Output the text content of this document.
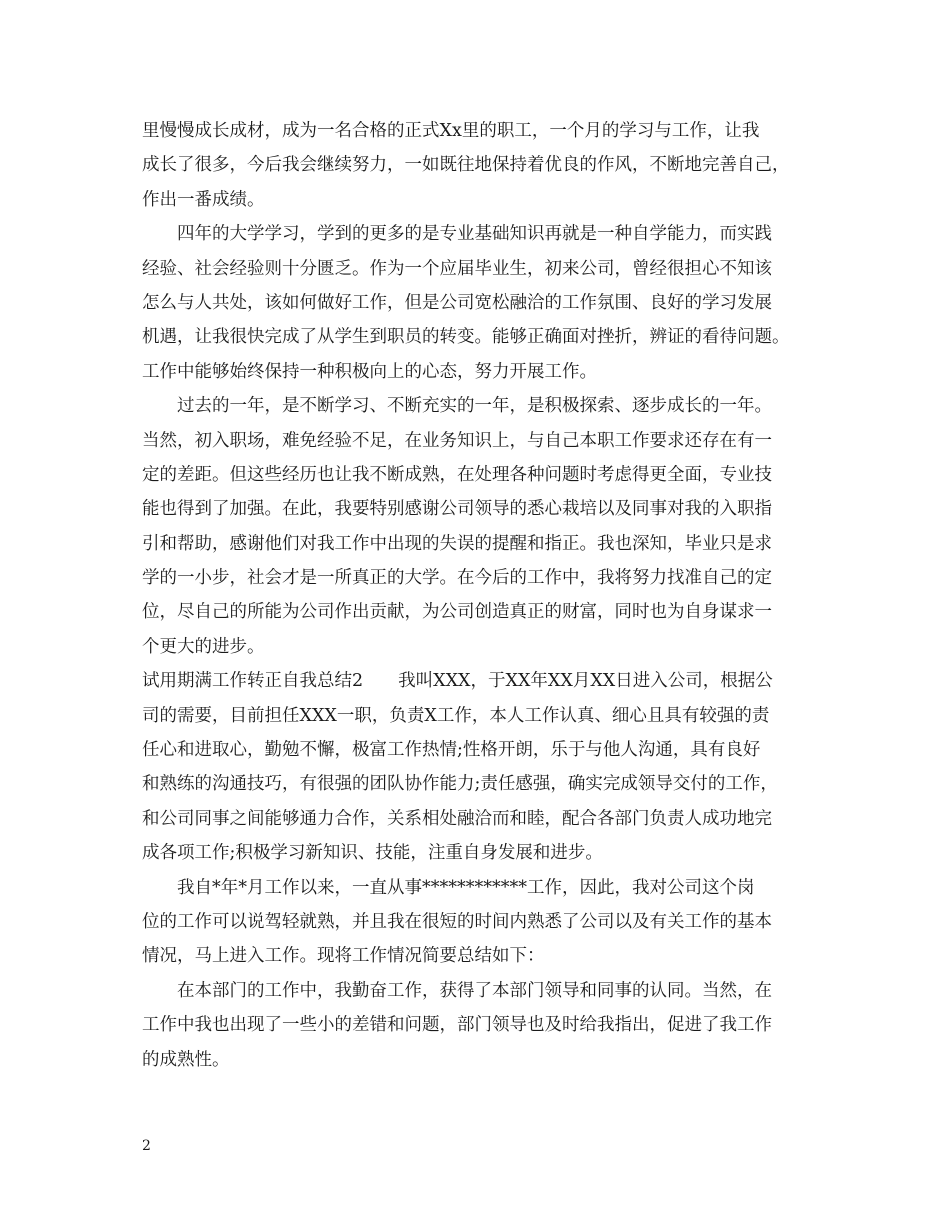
里慢慢成长成材，成为一名合格的正式Xx里的职工，一个月的学习与工作，让我
成长了很多，今后我会继续努力，一如既往地保持着优良的作风，不断地完善自己，
作出一番成绩。
四年的大学学习，学到的更多的是专业基础知识再就是一种自学能力，而实践
经验、社会经验则十分匮乏。作为一个应届毕业生，初来公司，曾经很担心不知该
怎么与人共处，该如何做好工作，但是公司宽松融洽的工作氛围、良好的学习发展
机遇，让我很快完成了从学生到职员的转变。能够正确面对挫折，辨证的看待问题。
工作中能够始终保持一种积极向上的心态，努力开展工作。
过去的一年，是不断学习、不断充实的一年，是积极探索、逐步成长的一年。
当然，初入职场，难免经验不足，在业务知识上，与自己本职工作要求还存在有一
定的差距。但这些经历也让我不断成熟，在处理各种问题时考虑得更全面，专业技
能也得到了加强。在此，我要特别感谢公司领导的悉心栽培以及同事对我的入职指
引和帮助，感谢他们对我工作中出现的失误的提醒和指正。我也深知，毕业只是求
学的一小步，社会才是一所真正的大学。在今后的工作中，我将努力找准自己的定
位，尽自己的所能为公司作出贡献，为公司创造真正的财富，同时也为自身谋求一
个更大的进步。
试用期满工作转正自我总结2　　我叫XXX，于XX年XX月XX日进入公司，根据公
司的需要，目前担任XXX一职，负责X工作，本人工作认真、细心且具有较强的责
任心和进取心，勤勉不懈，极富工作热情;性格开朗，乐于与他人沟通，具有良好
和熟练的沟通技巧，有很强的团队协作能力;责任感强，确实完成领导交付的工作，
和公司同事之间能够通力合作，关系相处融洽而和睦，配合各部门负责人成功地完
成各项工作;积极学习新知识、技能，注重自身发展和进步。
我自*年*月工作以来，一直从事************工作，因此，我对公司这个岗
位的工作可以说驾轻就熟，并且我在很短的时间内熟悉了公司以及有关工作的基本
情况，马上进入工作。现将工作情况简要总结如下：
在本部门的工作中，我勤奋工作，获得了本部门领导和同事的认同。当然，在
工作中我也出现了一些小的差错和问题，部门领导也及时给我指出，促进了我工作
的成熟性。
2
